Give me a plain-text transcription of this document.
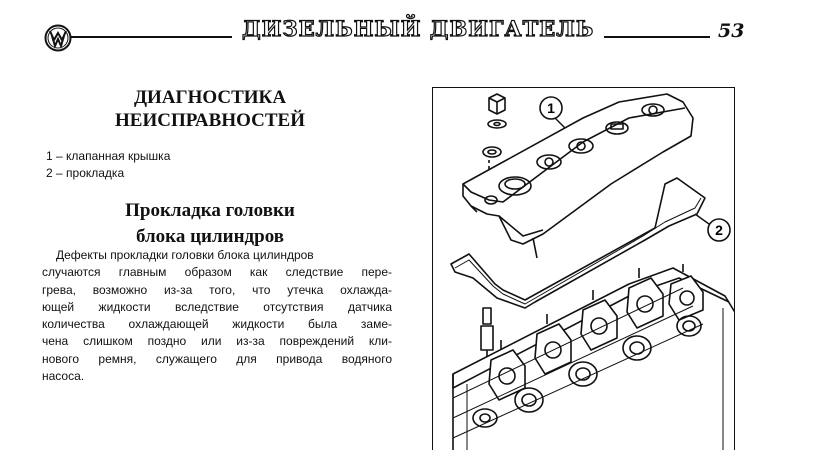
ДИЗЕЛЬНЫЙ ДВИГАТЕЛЬ	53
ДИАГНОСТИКА
НЕИСПРАВНОСТЕЙ
1 – клапанная крышка
2 – прокладка
Прокладка головки
блока цилиндров
Дефекты прокладки головки блока цилиндров
случаются главным образом как следствие пере-
грева, возможно из-за того, что утечка охлажда-
ющей жидкости вследствие отсутствия датчика
количества охлаждающей жидкости была заме-
чена слишком поздно или из-за повреждений кли-
нового ремня, служащего для привода водяного
насоса.
1
2
